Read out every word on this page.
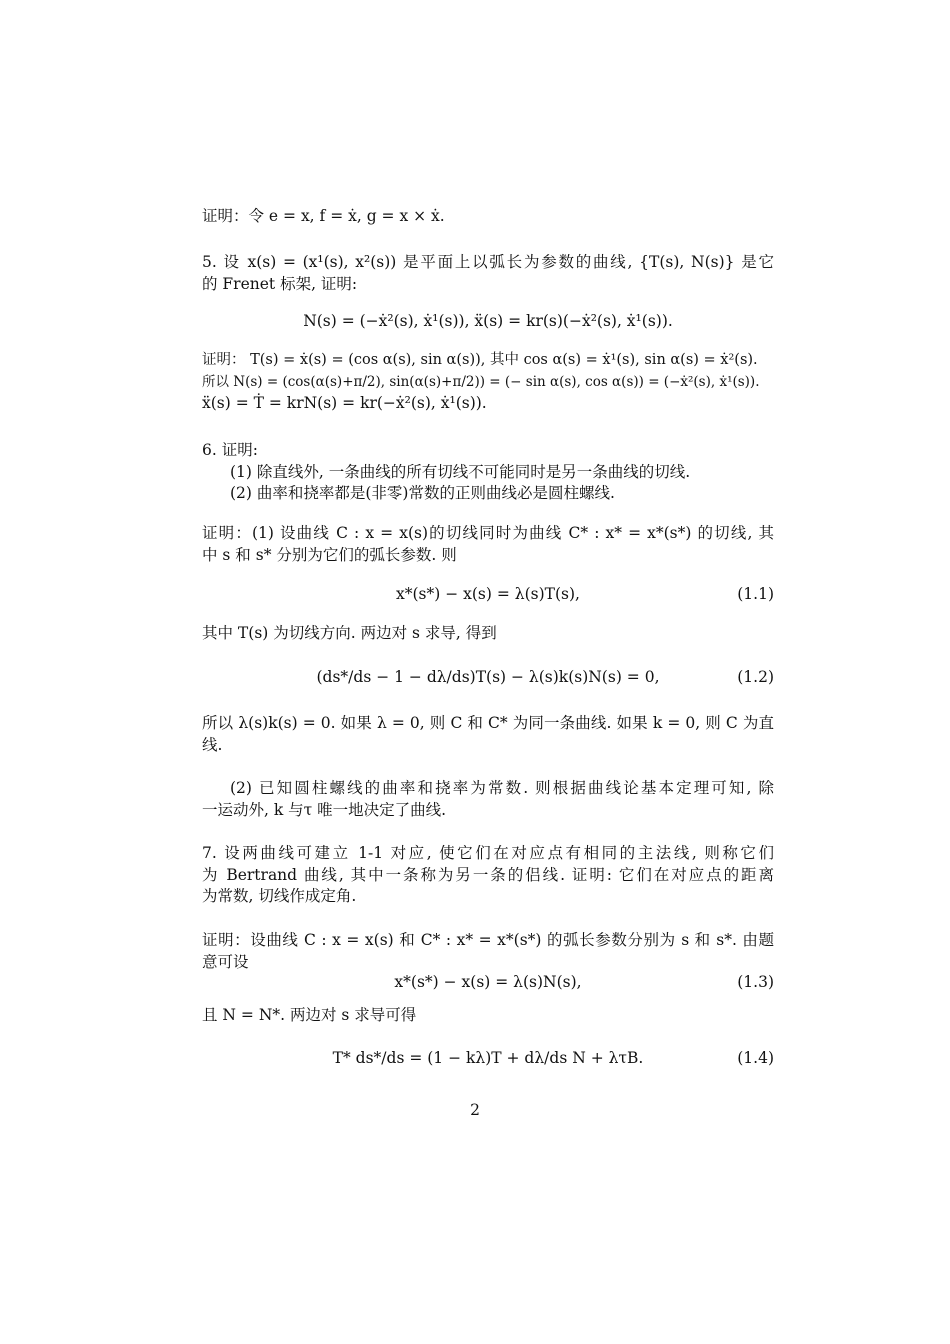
证明：令 e = x, f = ẋ, g = x × ẋ.

5. 设 x(s) = (x¹(s), x²(s)) 是平面上以弧长为参数的曲线, {T(s), N(s)} 是它
的 Frenet 标架, 证明:

N(s) = (−ẋ²(s), ẋ¹(s)), ẍ(s) = kr(s)(−ẋ²(s), ẋ¹(s)).

证明： T(s) = ẋ(s) = (cos α(s), sin α(s)), 其中 cos α(s) = ẋ¹(s), sin α(s) = ẋ²(s).
所以 N(s) = (cos(α(s)+π/2), sin(α(s)+π/2)) = (− sin α(s), cos α(s)) = (−ẋ²(s), ẋ¹(s)).
ẍ(s) = Ṫ = krN(s) = kr(−ẋ²(s), ẋ¹(s)).

6. 证明:
(1) 除直线外, 一条曲线的所有切线不可能同时是另一条曲线的切线.
(2) 曲率和挠率都是(非零)常数的正则曲线必是圆柱螺线.

证明：(1) 设曲线 C : x = x(s)的切线同时为曲线 C* : x* = x*(s*) 的切线, 其
中 s 和 s* 分别为它们的弧长参数. 则

x*(s*) − x(s) = λ(s)T(s),	(1.1)

其中 T(s) 为切线方向. 两边对 s 求导, 得到

(ds*/ds − 1 − dλ/ds)T(s) − λ(s)k(s)N(s) = 0,	(1.2)

所以 λ(s)k(s) = 0. 如果 λ = 0, 则 C 和 C* 为同一条曲线. 如果 k = 0, 则 C 为直
线.

(2) 已知圆柱螺线的曲率和挠率为常数. 则根据曲线论基本定理可知, 除
一运动外, k 与τ 唯一地决定了曲线.

7. 设两曲线可建立 1-1 对应, 使它们在对应点有相同的主法线, 则称它们
为 Bertrand 曲线, 其中一条称为另一条的侣线. 证明: 它们在对应点的距离
为常数, 切线作成定角.

证明：设曲线 C : x = x(s) 和 C* : x* = x*(s*) 的弧长参数分别为 s 和 s*. 由题
意可设

x*(s*) − x(s) = λ(s)N(s),	(1.3)

且 N = N*. 两边对 s 求导可得

T* ds*/ds = (1 − kλ)T + dλ/ds N + λτB.	(1.4)
2
